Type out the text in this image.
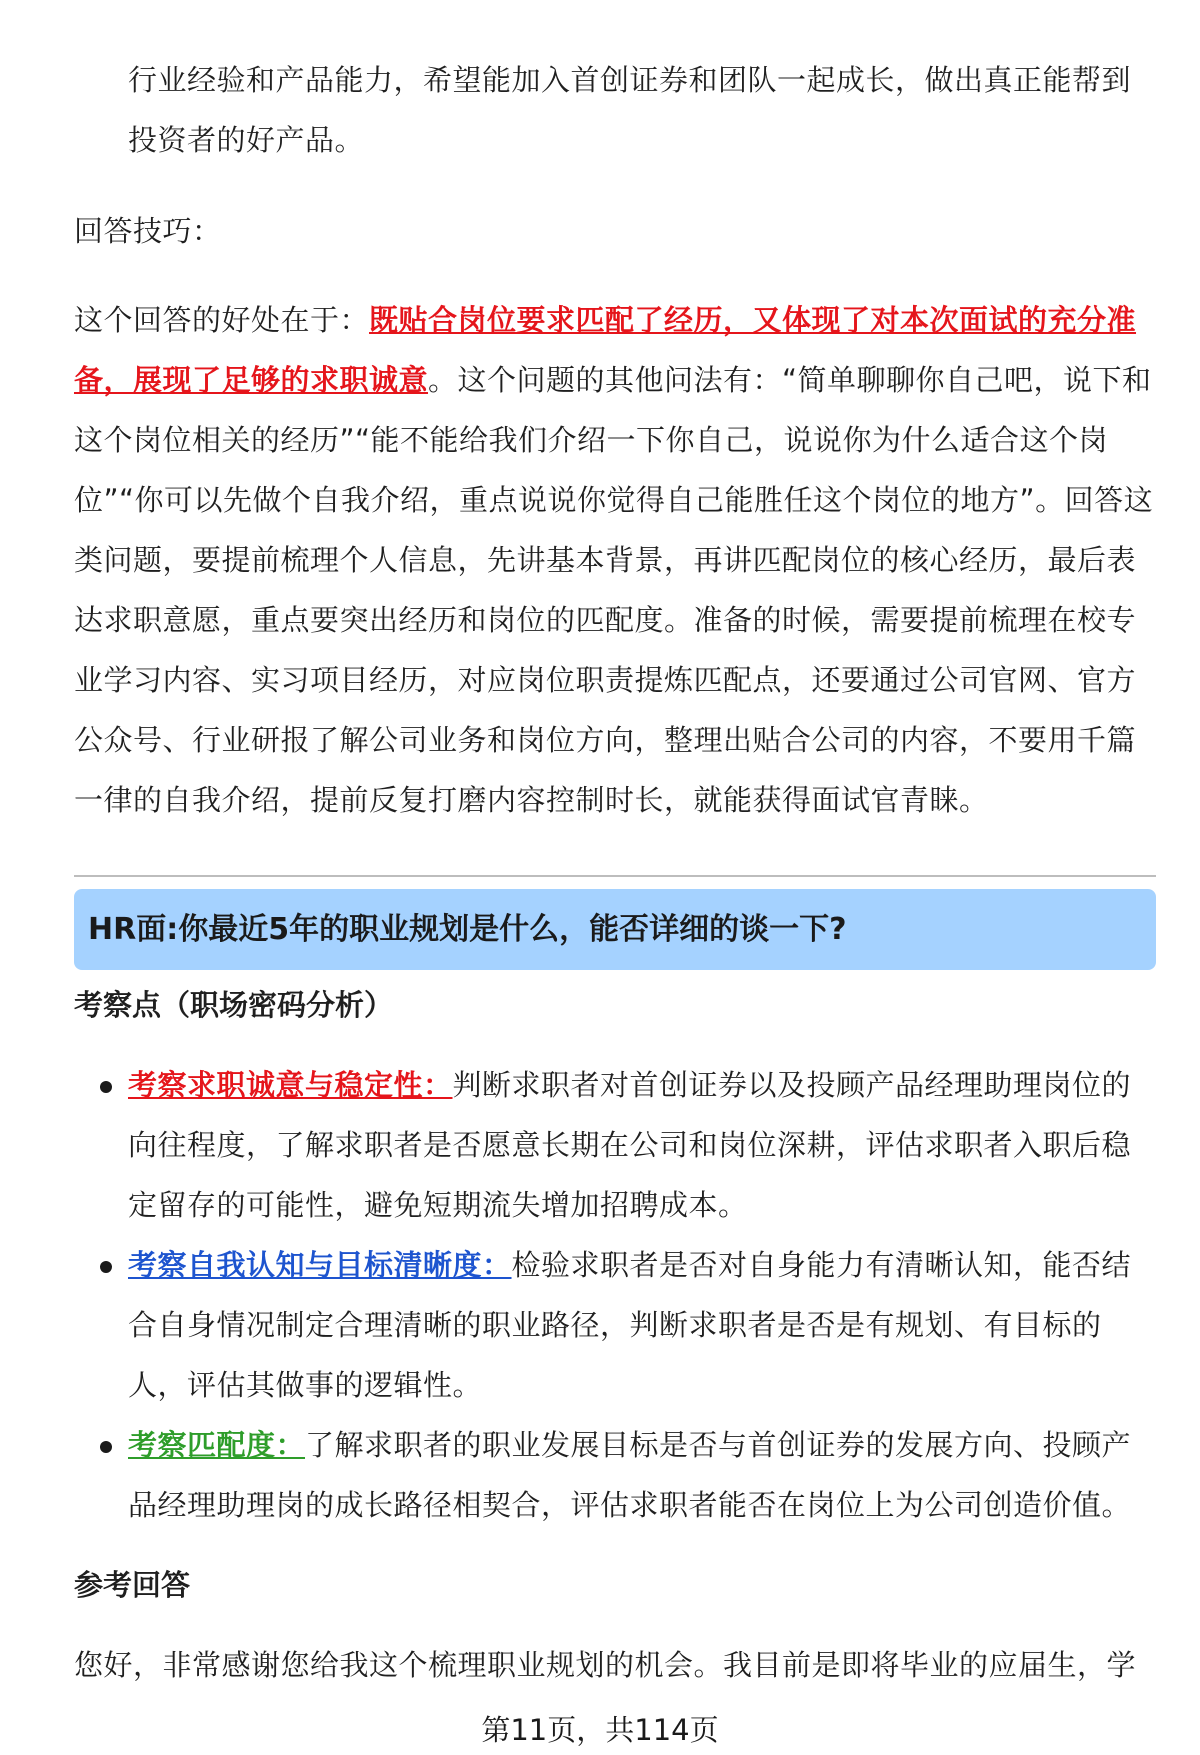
行业经验和产品能力，希望能加入首创证券和团队一起成长，做出真正能帮到投资者的好产品。

回答技巧：

这个回答的好处在于：既贴合岗位要求匹配了经历，又体现了对本次面试的充分准备，展现了足够的求职诚意。这个问题的其他问法有：“简单聊聊你自己吧，说下和这个岗位相关的经历”“能不能给我们介绍一下你自己，说说你为什么适合这个岗位”“你可以先做个自我介绍，重点说说你觉得自己能胜任这个岗位的地方”。回答这类问题，要提前梳理个人信息，先讲基本背景，再讲匹配岗位的核心经历，最后表达求职意愿，重点要突出经历和岗位的匹配度。准备的时候，需要提前梳理在校专业学习内容、实习项目经历，对应岗位职责提炼匹配点，还要通过公司官网、官方公众号、行业研报了解公司业务和岗位方向，整理出贴合公司的内容，不要用千篇一律的自我介绍，提前反复打磨内容控制时长，就能获得面试官青睐。

HR面:你最近5年的职业规划是什么，能否详细的谈一下?

考察点（职场密码分析）

考察求职诚意与稳定性：判断求职者对首创证券以及投顾产品经理助理岗位的向往程度，了解求职者是否愿意长期在公司和岗位深耕，评估求职者入职后稳定留存的可能性，避免短期流失增加招聘成本。
考察自我认知与目标清晰度：检验求职者是否对自身能力有清晰认知，能否结合自身情况制定合理清晰的职业路径，判断求职者是否是有规划、有目标的人，评估其做事的逻辑性。
考察匹配度：了解求职者的职业发展目标是否与首创证券的发展方向、投顾产品经理助理岗的成长路径相契合，评估求职者能否在岗位上为公司创造价值。

参考回答

您好，非常感谢您给我这个梳理职业规划的机会。我目前是即将毕业的应届生，学

第11页，共114页
